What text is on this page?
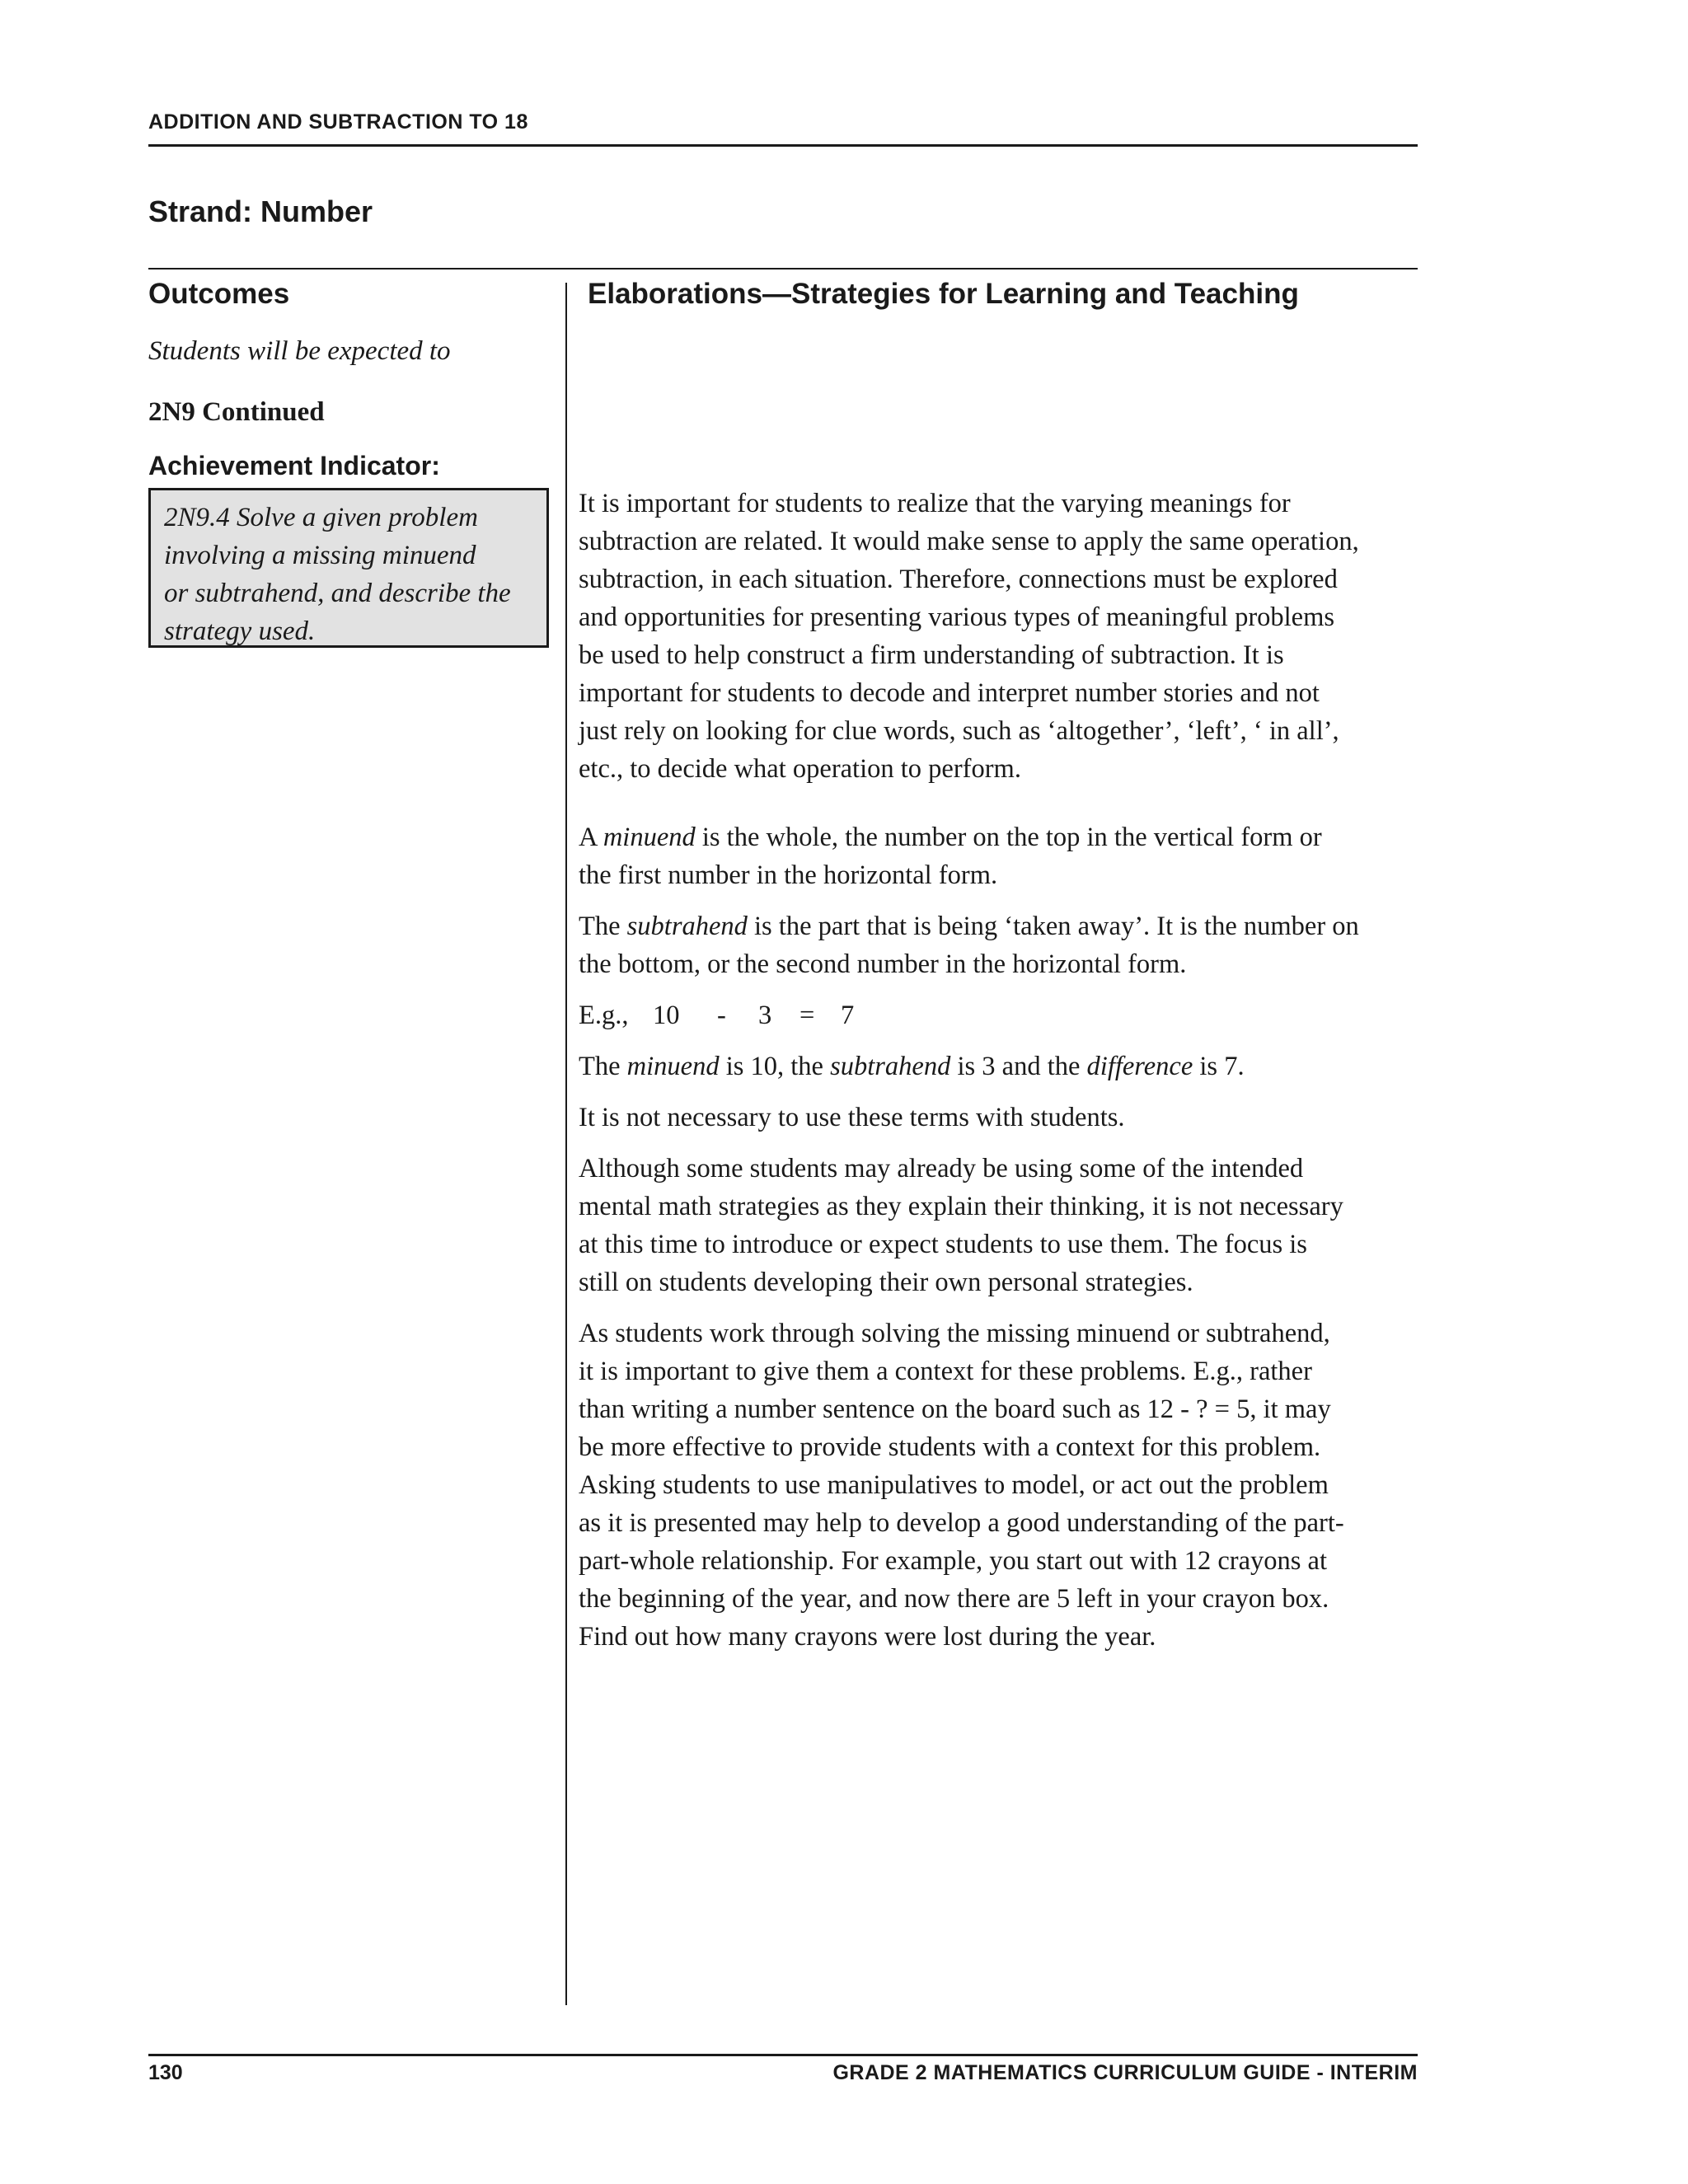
ADDITION AND SUBTRACTION TO 18
Strand: Number
Outcomes	Elaborations—Strategies for Learning and Teaching
Students will be expected to
2N9 Continued
Achievement Indicator:

2N9.4 Solve a given problem

involving a missing minuend

or subtrahend, and describe the

strategy used.

It is important for students to realize that the varying meanings for

subtraction are related. It would make sense to apply the same operation,

subtraction, in each situation. Therefore, connections must be explored

and opportunities for presenting various types of meaningful problems

be used to help construct a firm understanding of subtraction. It is

important for students to decode and interpret number stories and not

just rely on looking for clue words, such as ‘altogether’, ‘left’, ‘ in all’,

etc., to decide what operation to perform.

A minuend is the whole, the number on the top in the vertical form or

the first number in the horizontal form.

The subtrahend is the part that is being ‘taken away’. It is the number on

the bottom, or the second number in the horizontal form.

E.g., 10 - 3 = 7

The minuend is 10, the subtrahend is 3 and the difference is 7.

It is not necessary to use these terms with students.

Although some students may already be using some of the intended

mental math strategies as they explain their thinking, it is not necessary

at this time to introduce or expect students to use them. The focus is

still on students developing their own personal strategies.

As students work through solving the missing minuend or subtrahend,

it is important to give them a context for these problems. E.g., rather

than writing a number sentence on the board such as 12 - ? = 5, it may

be more effective to provide students with a context for this problem.

Asking students to use manipulatives to model, or act out the problem

as it is presented may help to develop a good understanding of the part-

part-whole relationship. For example, you start out with 12 crayons at

the beginning of the year, and now there are 5 left in your crayon box.

Find out how many crayons were lost during the year.

130	GRADE 2 MATHEMATICS CURRICULUM GUIDE - INTERIM
